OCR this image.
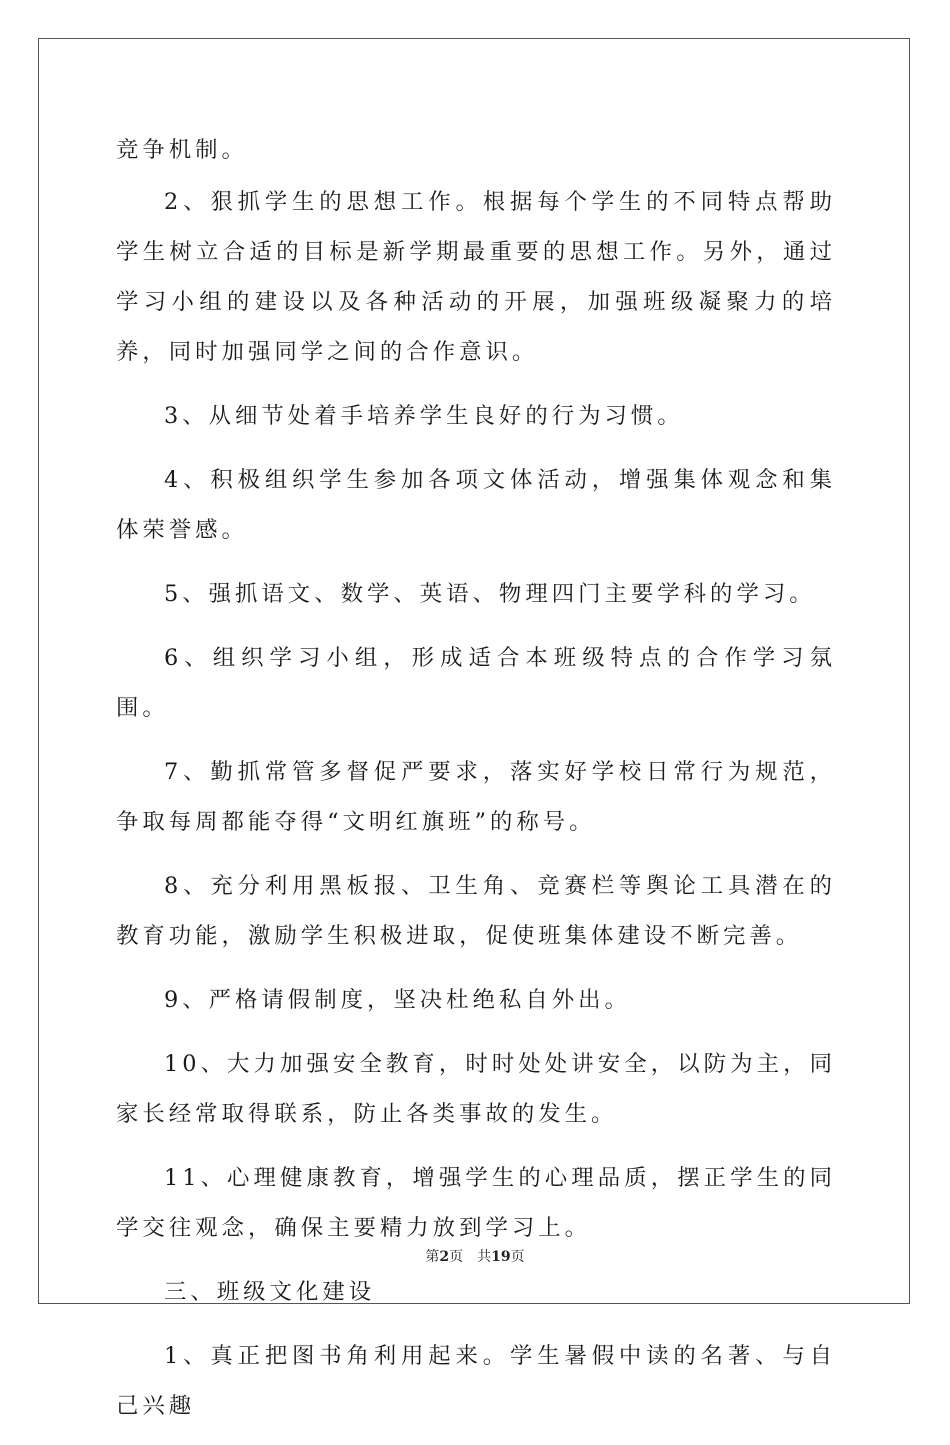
竞争机制。

2、狠抓学生的思想工作。根据每个学生的不同特点帮助学生树立合适的目标是新学期最重要的思想工作。另外，通过学习小组的建设以及各种活动的开展，加强班级凝聚力的培养，同时加强同学之间的合作意识。

3、从细节处着手培养学生良好的行为习惯。

4、积极组织学生参加各项文体活动，增强集体观念和集体荣誉感。

5、强抓语文、数学、英语、物理四门主要学科的学习。

6、组织学习小组，形成适合本班级特点的合作学习氛围。

7、勤抓常管多督促严要求，落实好学校日常行为规范，争取每周都能夺得“文明红旗班”的称号。

8、充分利用黑板报、卫生角、竞赛栏等舆论工具潜在的教育功能，激励学生积极进取，促使班集体建设不断完善。

9、严格请假制度，坚决杜绝私自外出。

10、大力加强安全教育，时时处处讲安全，以防为主，同家长经常取得联系，防止各类事故的发生。

11、心理健康教育，增强学生的心理品质，摆正学生的同学交往观念，确保主要精力放到学习上。

三、班级文化建设

1、真正把图书角利用起来。学生暑假中读的名著、与自己兴趣

第2页 共19页
